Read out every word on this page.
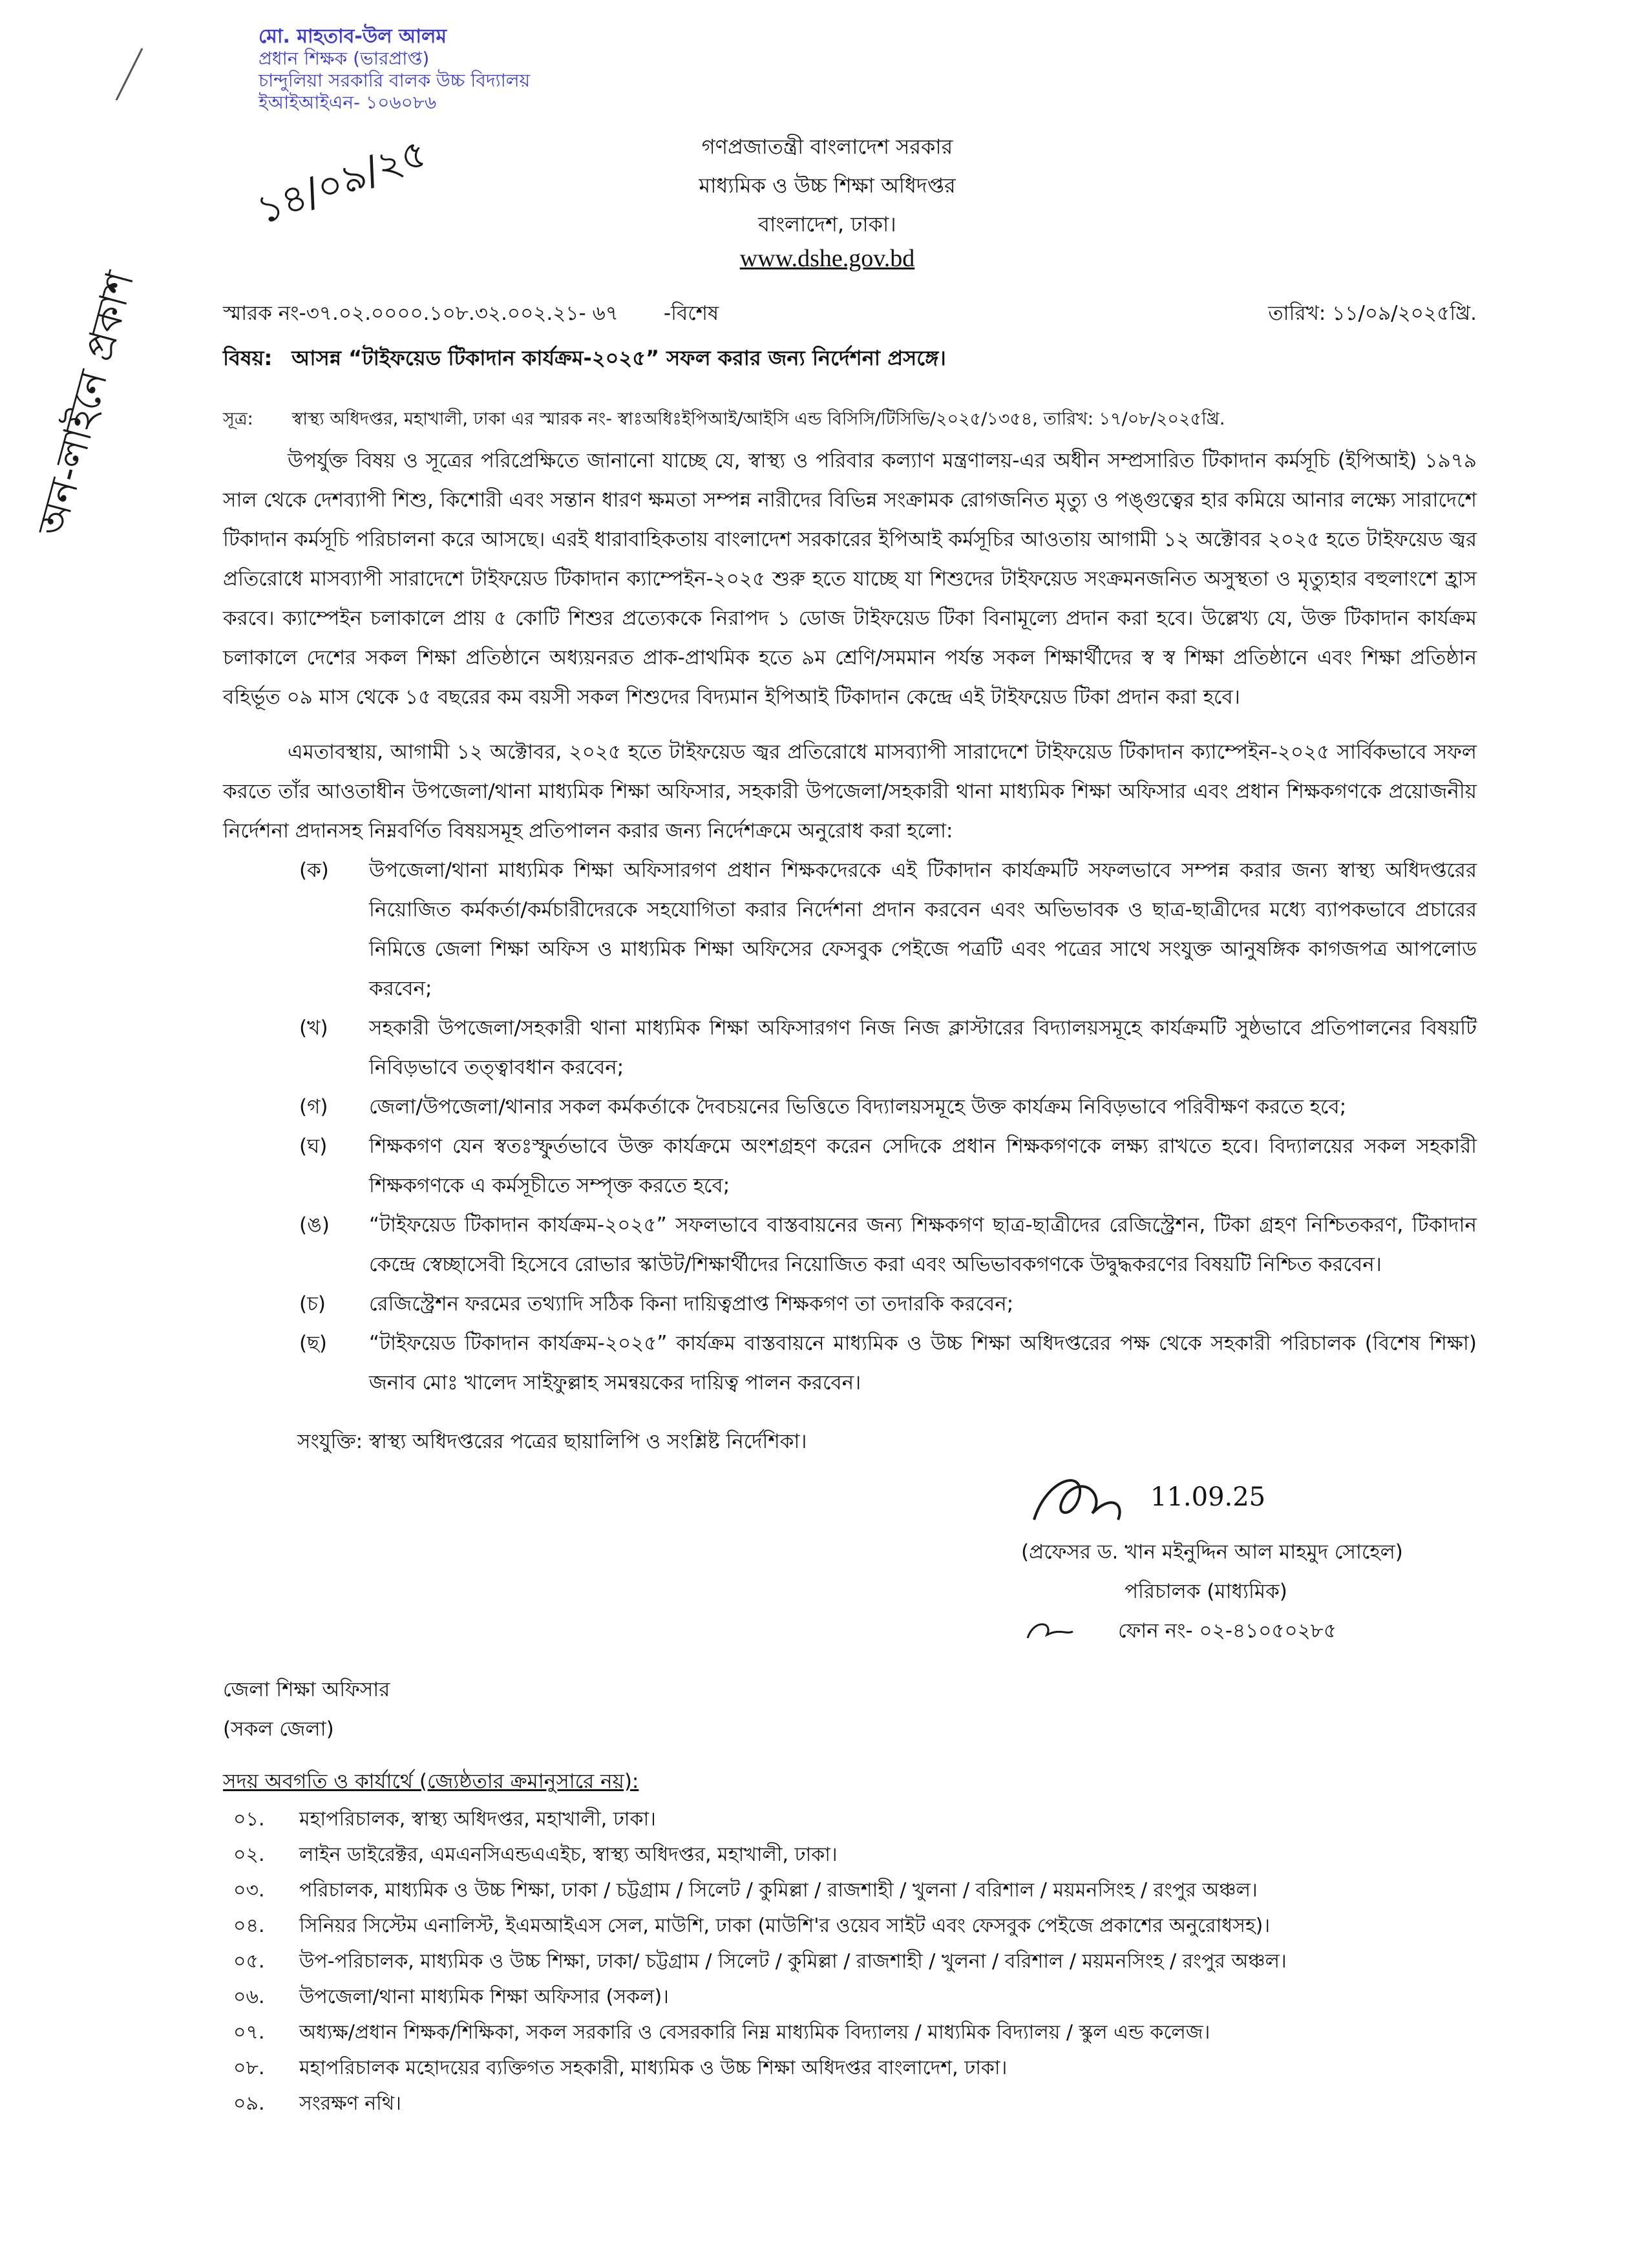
গণপ্রজাতন্ত্রী বাংলাদেশ সরকার
মাধ্যমিক ও উচ্চ শিক্ষা অধিদপ্তর
বাংলাদেশ, ঢাকা।
www.dshe.gov.bd
মো. মাহতাব-উল আলম
প্রধান শিক্ষক (ভারপ্রাপ্ত)
চান্দুলিয়া সরকারি বালক উচ্চ বিদ্যালয়
ইআইআইএন- ১০৬০৮৬
১৪/০৯/২৫
অন-লাইনে প্রকাশ	স্মারক নং-৩৭.০২.০০০০.১০৮.৩২.০০২.২১- ৬৭	-বিশেষ	তারিখ: ১১/০৯/২০২৫খ্রি.
বিষয়: আসন্ন “টাইফয়েড টিকাদান কার্যক্রম-২০২৫” সফল করার জন্য নির্দেশনা প্রসঙ্গে।
সূত্র:	স্বাস্থ্য অধিদপ্তর, মহাখালী, ঢাকা এর স্মারক নং- স্বাঃঅধিঃইপিআই/আইসি এন্ড বিসিসি/টিসিভি/২০২৫/১৩৫৪, তারিখ: ১৭/০৮/২০২৫খ্রি.
উপর্যুক্ত বিষয় ও সূত্রের পরিপ্রেক্ষিতে জানানো যাচ্ছে যে, স্বাস্থ্য ও পরিবার কল্যাণ মন্ত্রণালয়-এর অধীন সম্প্রসারিত টিকাদান কর্মসূচি (ইপিআই) ১৯৭৯ সাল থেকে দেশব্যাপী শিশু, কিশোরী এবং সন্তান ধারণ ক্ষমতা সম্পন্ন নারীদের বিভিন্ন সংক্রামক রোগজনিত মৃত্যু ও পঙ্গুত্বের হার কমিয়ে আনার লক্ষ্যে সারাদেশে টিকাদান কর্মসূচি পরিচালনা করে আসছে। এরই ধারাবাহিকতায় বাংলাদেশ সরকারের ইপিআই কর্মসূচির আওতায় আগামী ১২ অক্টোবর ২০২৫ হতে টাইফয়েড জ্বর প্রতিরোধে মাসব্যাপী সারাদেশে টাইফয়েড টিকাদান ক্যাম্পেইন-২০২৫ শুরু হতে যাচ্ছে যা শিশুদের টাইফয়েড সংক্রমনজনিত অসুস্থতা ও মৃত্যুহার বহুলাংশে হ্রাস করবে। ক্যাম্পেইন চলাকালে প্রায় ৫ কোটি শিশুর প্রত্যেককে নিরাপদ ১ ডোজ টাইফয়েড টিকা বিনামূল্যে প্রদান করা হবে। উল্লেখ্য যে, উক্ত টিকাদান কার্যক্রম চলাকালে দেশের সকল শিক্ষা প্রতিষ্ঠানে অধ্যয়নরত প্রাক-প্রাথমিক হতে ৯ম শ্রেণি/সমমান পর্যন্ত সকল শিক্ষার্থীদের স্ব স্ব শিক্ষা প্রতিষ্ঠানে এবং শিক্ষা প্রতিষ্ঠান বহির্ভূত ০৯ মাস থেকে ১৫ বছরের কম বয়সী সকল শিশুদের বিদ্যমান ইপিআই টিকাদান কেন্দ্রে এই টাইফয়েড টিকা প্রদান করা হবে।
এমতাবস্থায়, আগামী ১২ অক্টোবর, ২০২৫ হতে টাইফয়েড জ্বর প্রতিরোধে মাসব্যাপী সারাদেশে টাইফয়েড টিকাদান ক্যাম্পেইন-২০২৫ সার্বিকভাবে সফল করতে তাঁর আওতাধীন উপজেলা/থানা মাধ্যমিক শিক্ষা অফিসার, সহকারী উপজেলা/সহকারী থানা মাধ্যমিক শিক্ষা অফিসার এবং প্রধান শিক্ষকগণকে প্রয়োজনীয় নির্দেশনা প্রদানসহ নিম্নবর্ণিত বিষয়সমূহ প্রতিপালন করার জন্য নির্দেশক্রমে অনুরোধ করা হলো:
(ক)	উপজেলা/থানা মাধ্যমিক শিক্ষা অফিসারগণ প্রধান শিক্ষকদেরকে এই টিকাদান কার্যক্রমটি সফলভাবে সম্পন্ন করার জন্য স্বাস্থ্য অধিদপ্তরের নিয়োজিত কর্মকর্তা/কর্মচারীদেরকে সহযোগিতা করার নির্দেশনা প্রদান করবেন এবং অভিভাবক ও ছাত্র-ছাত্রীদের মধ্যে ব্যাপকভাবে প্রচারের নিমিত্তে জেলা শিক্ষা অফিস ও মাধ্যমিক শিক্ষা অফিসের ফেসবুক পেইজে পত্রটি এবং পত্রের সাথে সংযুক্ত আনুষঙ্গিক কাগজপত্র আপলোড করবেন;
(খ)	সহকারী উপজেলা/সহকারী থানা মাধ্যমিক শিক্ষা অফিসারগণ নিজ নিজ ক্লাস্টারের বিদ্যালয়সমূহে কার্যক্রমটি সুষ্ঠভাবে প্রতিপালনের বিষয়টি নিবিড়ভাবে তত্ত্বাবধান করবেন;
(গ)	জেলা/উপজেলা/থানার সকল কর্মকর্তাকে দৈবচয়নের ভিত্তিতে বিদ্যালয়সমূহে উক্ত কার্যক্রম নিবিড়ভাবে পরিবীক্ষণ করতে হবে;
(ঘ)	শিক্ষকগণ যেন স্বতঃস্ফুর্তভাবে উক্ত কার্যক্রমে অংশগ্রহণ করেন সেদিকে প্রধান শিক্ষকগণকে লক্ষ্য রাখতে হবে। বিদ্যালয়ের সকল সহকারী শিক্ষকগণকে এ কর্মসূচীতে সম্পৃক্ত করতে হবে;
(ঙ)	“টাইফয়েড টিকাদান কার্যক্রম-২০২৫” সফলভাবে বাস্তবায়নের জন্য শিক্ষকগণ ছাত্র-ছাত্রীদের রেজিস্ট্রেশন, টিকা গ্রহণ নিশ্চিতকরণ, টিকাদান কেন্দ্রে স্বেচ্ছাসেবী হিসেবে রোভার স্কাউট/শিক্ষার্থীদের নিয়োজিত করা এবং অভিভাবকগণকে উদ্বুদ্ধকরণের বিষয়টি নিশ্চিত করবেন।
(চ)	রেজিস্ট্রেশন ফরমের তথ্যাদি সঠিক কিনা দায়িত্বপ্রাপ্ত শিক্ষকগণ তা তদারকি করবেন;
(ছ)	“টাইফয়েড টিকাদান কার্যক্রম-২০২৫” কার্যক্রম বাস্তবায়নে মাধ্যমিক ও উচ্চ শিক্ষা অধিদপ্তরের পক্ষ থেকে সহকারী পরিচালক (বিশেষ শিক্ষা) জনাব মোঃ খালেদ সাইফুল্লাহ সমন্বয়কের দায়িত্ব পালন করবেন।
সংযুক্তি: স্বাস্থ্য অধিদপ্তরের পত্রের ছায়ালিপি ও সংশ্লিষ্ট নির্দেশিকা।
11.09.25
(প্রফেসর ড. খান মইনুদ্দিন আল মাহমুদ সোহেল)
পরিচালক (মাধ্যমিক)
ফোন নং- ০২-৪১০৫০২৮৫
জেলা শিক্ষা অফিসার
(সকল জেলা)
সদয় অবগতি ও কার্যার্থে (জ্যেষ্ঠতার ক্রমানুসারে নয়):
০১.	মহাপরিচালক, স্বাস্থ্য অধিদপ্তর, মহাখালী, ঢাকা।
০২.	লাইন ডাইরেক্টর, এমএনসিএন্ডএএইচ, স্বাস্থ্য অধিদপ্তর, মহাখালী, ঢাকা।
০৩.	পরিচালক, মাধ্যমিক ও উচ্চ শিক্ষা, ঢাকা / চট্টগ্রাম / সিলেট / কুমিল্লা / রাজশাহী / খুলনা / বরিশাল / ময়মনসিংহ / রংপুর অঞ্চল।
০৪.	সিনিয়র সিস্টেম এনালিস্ট, ইএমআইএস সেল, মাউশি, ঢাকা (মাউশি'র ওয়েব সাইট এবং ফেসবুক পেইজে প্রকাশের অনুরোধসহ)।
০৫.	উপ-পরিচালক, মাধ্যমিক ও উচ্চ শিক্ষা, ঢাকা/ চট্টগ্রাম / সিলেট / কুমিল্লা / রাজশাহী / খুলনা / বরিশাল / ময়মনসিংহ / রংপুর অঞ্চল।
০৬.	উপজেলা/থানা মাধ্যমিক শিক্ষা অফিসার (সকল)।
০৭.	অধ্যক্ষ/প্রধান শিক্ষক/শিক্ষিকা, সকল সরকারি ও বেসরকারি নিম্ন মাধ্যমিক বিদ্যালয় / মাধ্যমিক বিদ্যালয় / স্কুল এন্ড কলেজ।
০৮.	মহাপরিচালক মহোদয়ের ব্যক্তিগত সহকারী, মাধ্যমিক ও উচ্চ শিক্ষা অধিদপ্তর বাংলাদেশ, ঢাকা।
০৯.	সংরক্ষণ নথি।
